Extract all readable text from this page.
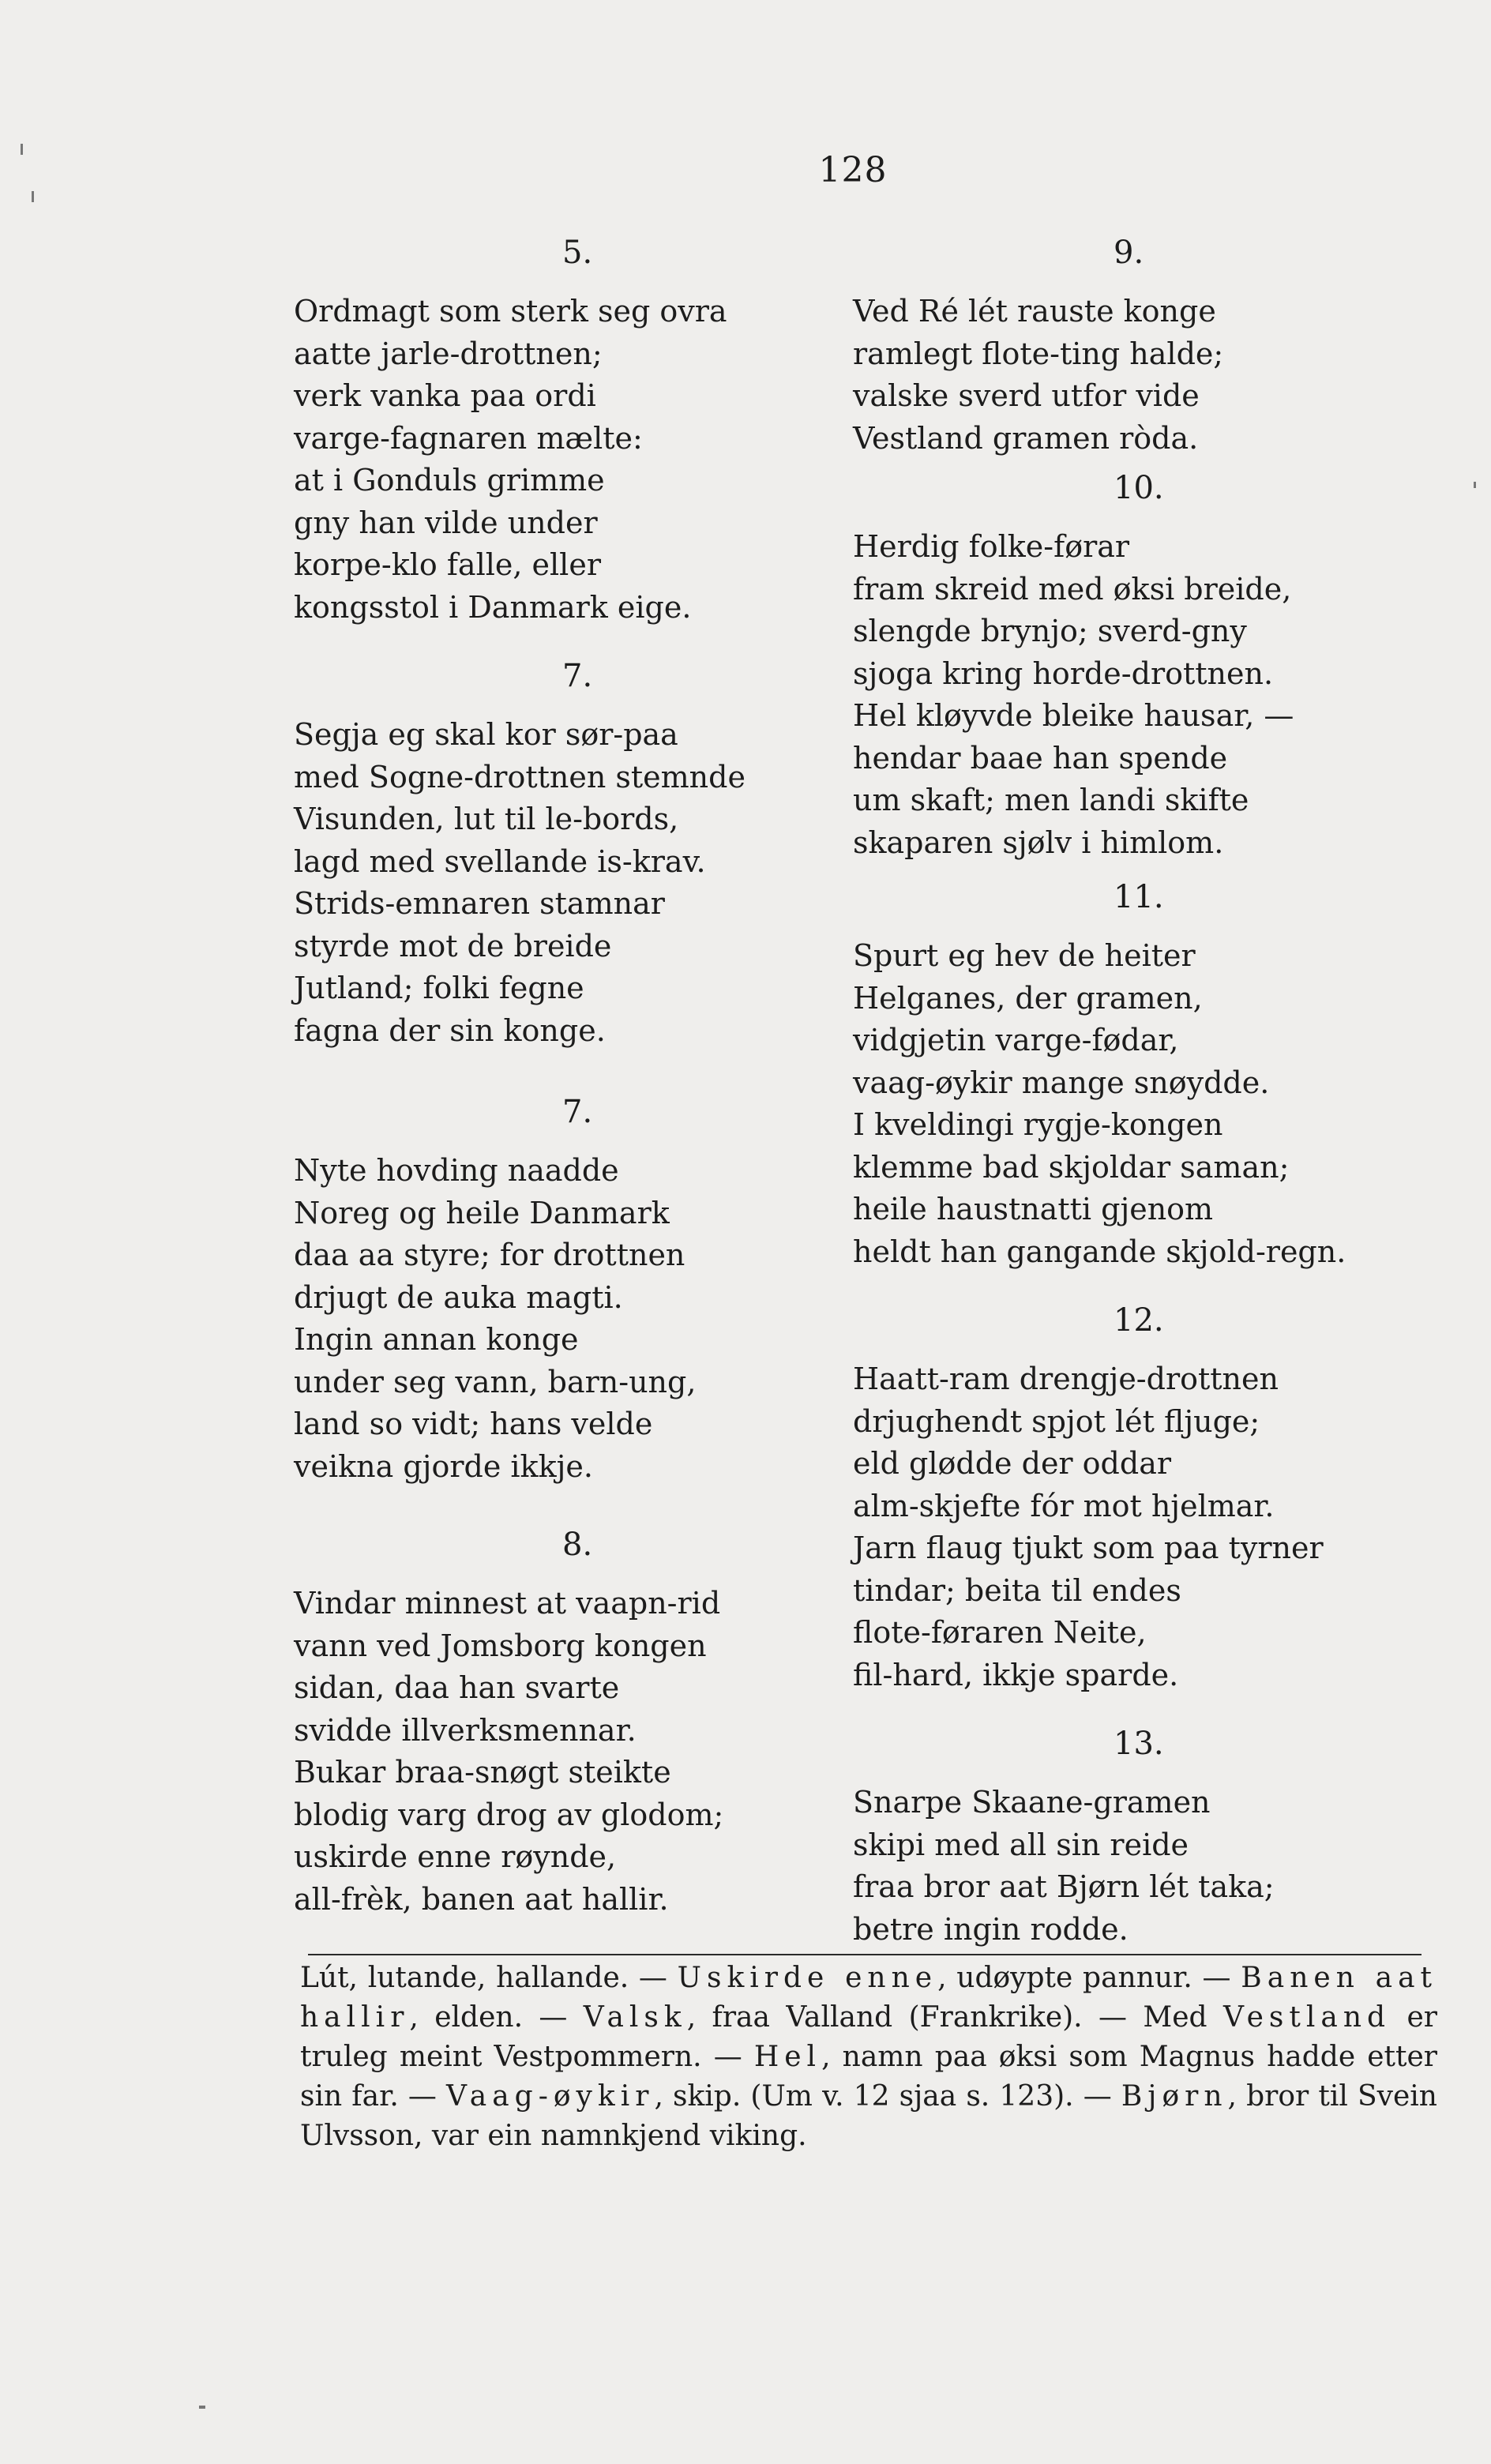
128
5.
Ordmagt som sterk seg ovra
aatte jarle-drottnen;
verk vanka paa ordi
varge-fagnaren mælte:
at i Gonduls grimme
gny han vilde under
korpe-klo falle, eller
kongsstol i Danmark eige.
7.
Segja eg skal kor sør-paa
med Sogne-drottnen stemnde
Visunden, lut til le-bords,
lagd med svellande is-krav.
Strids-emnaren stamnar
styrde mot de breide
Jutland; folki fegne
fagna der sin konge.
7.
Nyte hovding naadde
Noreg og heile Danmark
daa aa styre; for drottnen
drjugt de auka magti.
Ingin annan konge
under seg vann, barn-ung,
land so vidt; hans velde
veikna gjorde ikkje.
8.
Vindar minnest at vaapn-rid
vann ved Jomsborg kongen
sidan, daa han svarte
svidde illverksmennar.
Bukar braa-snøgt steikte
blodig varg drog av glodom;
uskirde enne røynde,
all-frèk, banen aat hallir.
9.
Ved Ré lét rauste konge
ramlegt flote-ting halde;
valske sverd utfor vide
Vestland gramen ròda.
10.
Herdig folke-førar
fram skreid med øksi breide,
slengde brynjo; sverd-gny
sjoga kring horde-drottnen.
Hel kløyvde bleike hausar, —
hendar baae han spende
um skaft; men landi skifte
skaparen sjølv i himlom.
11.
Spurt eg hev de heiter
Helganes, der gramen,
vidgjetin varge-fødar,
vaag-øykir mange snøydde.
I kveldingi rygje-kongen
klemme bad skjoldar saman;
heile haustnatti gjenom
heldt han gangande skjold-regn.
12.
Haatt-ram drengje-drottnen
drjughendt spjot lét fljuge;
eld glødde der oddar
alm-skjefte fór mot hjelmar.
Jarn flaug tjukt som paa tyrner
tindar; beita til endes
flote-føraren Neite,
fil-hard, ikkje sparde.
13.
Snarpe Skaane-gramen
skipi med all sin reide
fraa bror aat Bjørn lét taka;
betre ingin rodde.

Lút, lutande, hallande. — Uskirde enne, udøypte pannur. — Banen aat hallir, elden. — Valsk, fraa Valland (Frankrike). — Med Vestland er truleg meint Vestpommern. — Hel, namn paa øksi som Magnus hadde etter sin far. — Vaag-øykir, skip. (Um v. 12 sjaa s. 123). — Bjørn, bror til Svein Ulvsson, var ein namnkjend viking.
